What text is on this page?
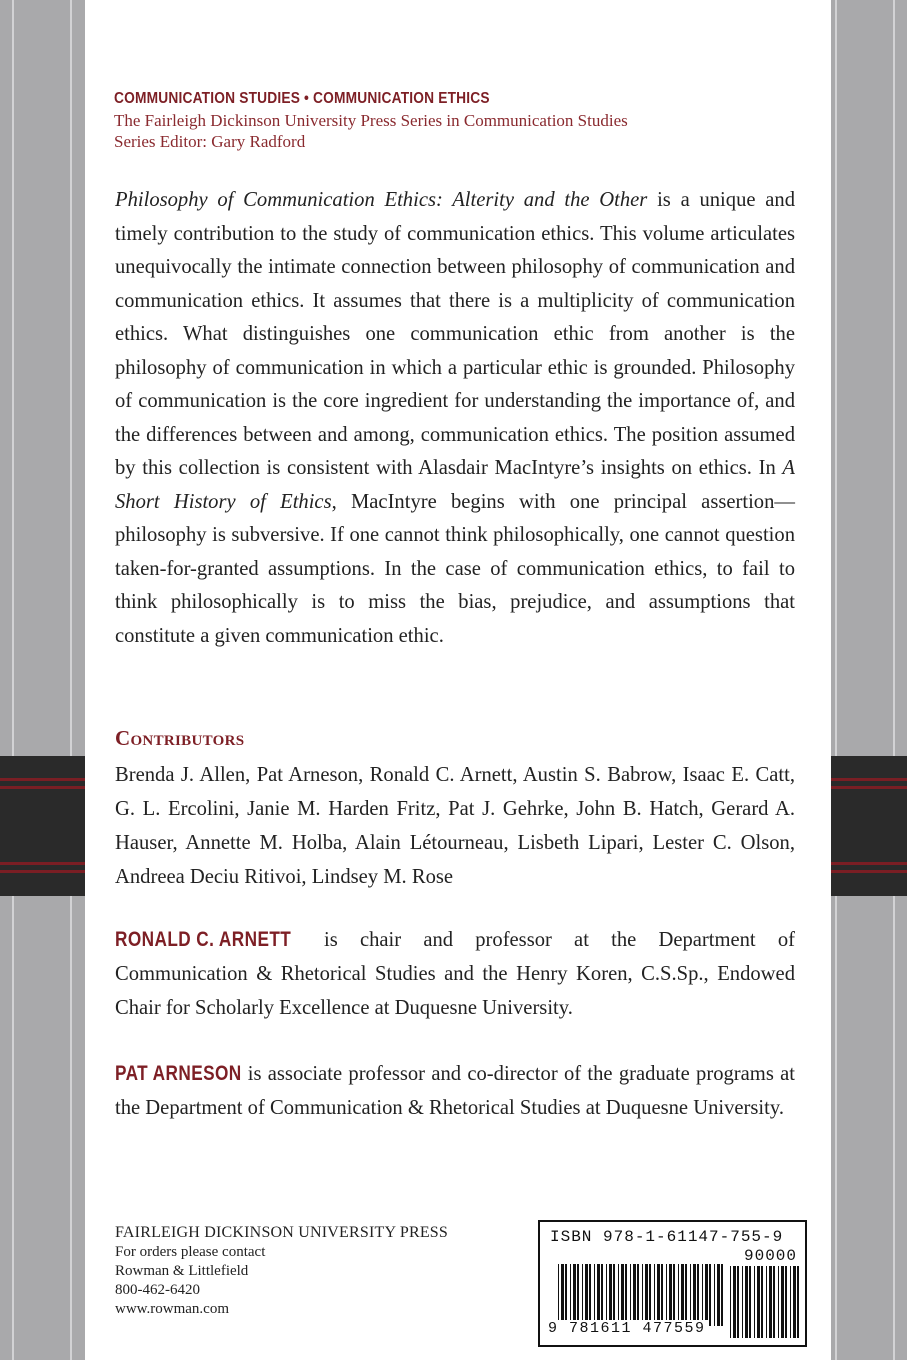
COMMUNICATION STUDIES • COMMUNICATION ETHICS
The Fairleigh Dickinson University Press Series in Communication Studies
Series Editor: Gary Radford
Philosophy of Communication Ethics: Alterity and the Other is a unique and timely contribution to the study of communication ethics. This volume articulates unequivocally the intimate connection between philosophy of communication and communication ethics. It assumes that there is a multiplicity of communication ethics. What distinguishes one communication ethic from another is the philosophy of communication in which a particular ethic is grounded. Philosophy of communication is the core ingredient for understanding the importance of, and the differences between and among, communication ethics. The position assumed by this collection is consistent with Alasdair MacIntyre’s insights on ethics. In A Short History of Ethics, MacIntyre begins with one principal assertion—philosophy is subversive. If one cannot think philosophically, one cannot question taken-for-granted assumptions. In the case of communication ethics, to fail to think philosophically is to miss the bias, prejudice, and assumptions that constitute a given communication ethic.
Contributors
Brenda J. Allen, Pat Arneson, Ronald C. Arnett, Austin S. Babrow, Isaac E. Catt, G. L. Ercolini, Janie M. Harden Fritz, Pat J. Gehrke, John B. Hatch, Gerard A. Hauser, Annette M. Holba, Alain Létourneau, Lisbeth Lipari, Lester C. Olson, Andreea Deciu Ritivoi, Lindsey M. Rose
RONALD C. ARNETT is chair and professor at the Department of Communication & Rhetorical Studies and the Henry Koren, C.S.Sp., Endowed Chair for Scholarly Excellence at Duquesne University.
PAT ARNESON is associate professor and co-director of the graduate programs at the Department of Communication & Rhetorical Studies at Duquesne University.
FAIRLEIGH DICKINSON UNIVERSITY PRESS
For orders please contact
Rowman & Littlefield
800-462-6420
www.rowman.com
ISBN 978-1-61147-755-9
90000
9 781611 477559
